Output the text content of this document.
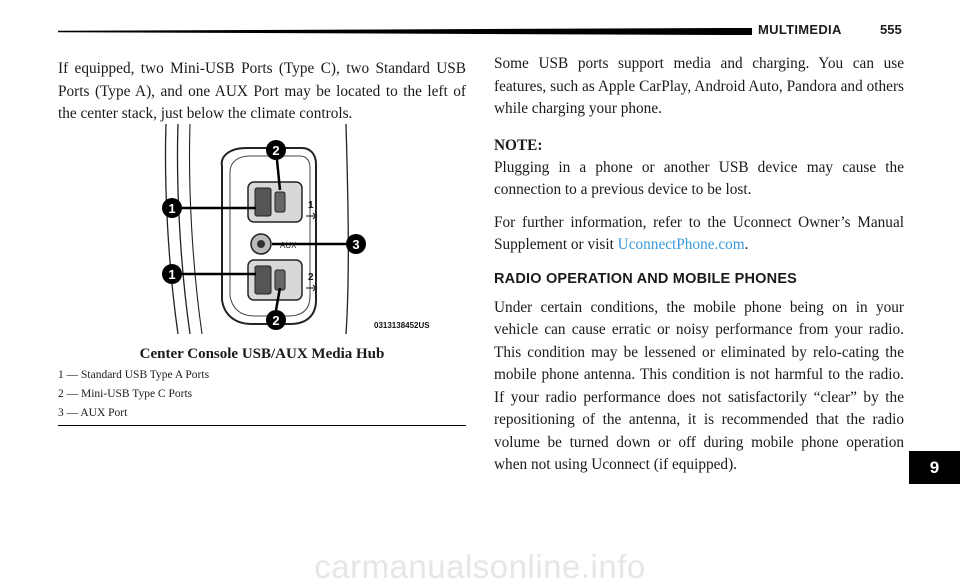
MULTIMEDIA	555

If equipped, two Mini-USB Ports (Type C), two Standard USB Ports (Type A), and one AUX Port may be located to the left of the center stack, just below the climate controls.

1
AUX
2
1
1
2
2
3
0313138452US
Center Console USB/AUX Media Hub
1 — Standard USB Type A Ports
2 — Mini-USB Type C Ports
3 — AUX Port

Some USB ports support media and charging. You can use features, such as Apple CarPlay, Android Auto, Pandora and others while charging your phone.

NOTE:

Plugging in a phone or another USB device may cause the connection to a previous device to be lost.

For further information, refer to the Uconnect Owner’s Manual Supplement or visit UconnectPhone.com.

RADIO OPERATION AND MOBILE PHONES

Under certain conditions, the mobile phone being on in your vehicle can cause erratic or noisy performance from your radio. This condition may be lessened or eliminated by relo-cating the mobile phone antenna. This condition is not harmful to the radio. If your radio performance does not satisfactorily “clear” by the repositioning of the antenna, it is recommended that the radio volume be turned down or off during mobile phone operation when not using Uconnect (if equipped).	9
carmanualsonline.info
